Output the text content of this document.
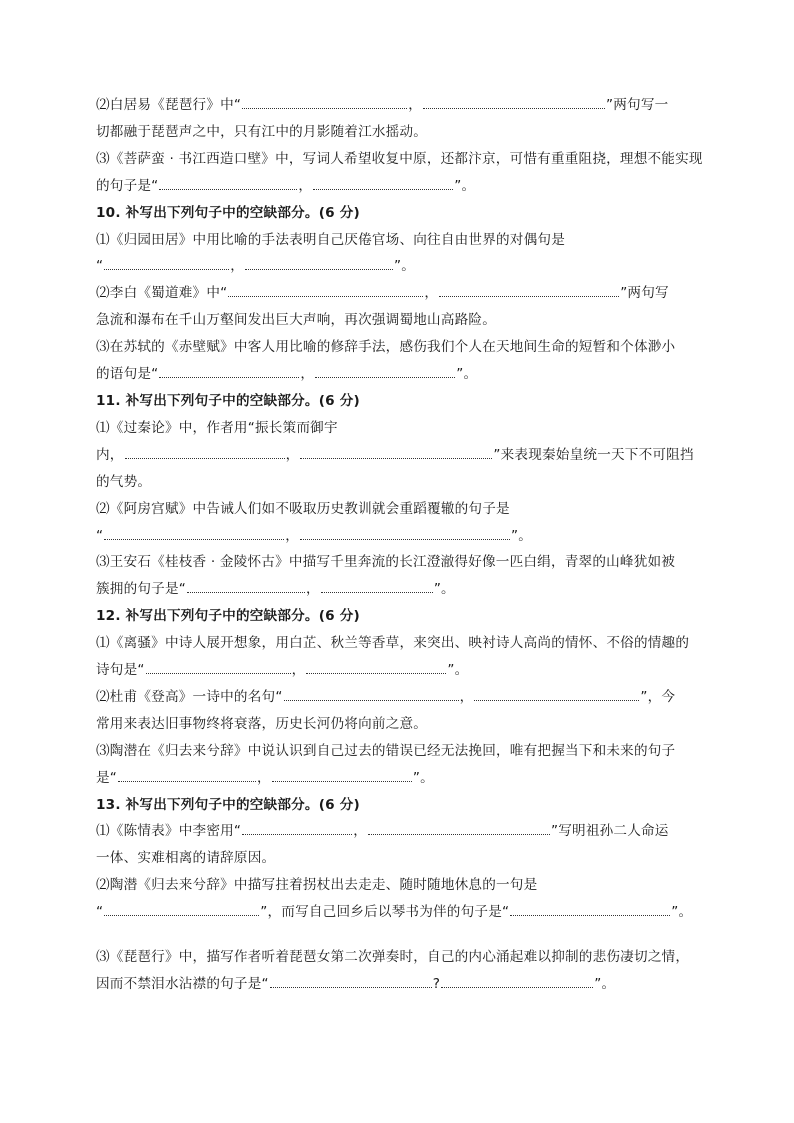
⑵白居易《琵琶行》中“	，	”两句写一
切都融于琵琶声之中，只有江中的月影随着江水摇动。
⑶《菩萨蛮 · 书江西造口壁》中，写词人希望收复中原，还都汴京，可惜有重重阻挠，理想不能实现
的句子是“	，	”。
10. 补写出下列句子中的空缺部分。(6 分)
⑴《归园田居》中用比喻的手法表明自己厌倦官场、向往自由世界的对偶句是
“	，	”。
⑵李白《蜀道难》中“	，	”两句写
急流和瀑布在千山万壑间发出巨大声响，再次强调蜀地山高路险。
⑶在苏轼的《赤壁赋》中客人用比喻的修辞手法，感伤我们个人在天地间生命的短暂和个体渺小
的语句是“	，	”。
11. 补写出下列句子中的空缺部分。(6 分)
⑴《过秦论》中，作者用“振长策而御宇
内，	，	”来表现秦始皇统一天下不可阻挡
的气势。
⑵《阿房宫赋》中告诫人们如不吸取历史教训就会重蹈覆辙的句子是
“	，	”。
⑶王安石《桂枝香 · 金陵怀古》中描写千里奔流的长江澄澈得好像一匹白绢，青翠的山峰犹如被
簇拥的句子是“	，	”。
12. 补写出下列句子中的空缺部分。(6 分)
⑴《离骚》中诗人展开想象，用白芷、秋兰等香草，来突出、映衬诗人高尚的情怀、不俗的情趣的
诗句是“	，	”。
⑵杜甫《登高》一诗中的名句“	，	”，今
常用来表达旧事物终将衰落，历史长河仍将向前之意。
⑶陶潜在《归去来兮辞》中说认识到自己过去的错误已经无法挽回，唯有把握当下和未来的句子
是“	，	”。
13. 补写出下列句子中的空缺部分。(6 分)
⑴《陈情表》中李密用“	，	”写明祖孙二人命运
一体、实难相离的请辞原因。
⑵陶潜《归去来兮辞》中描写拄着拐杖出去走走、随时随地休息的一句是
“	”，而写自己回乡后以琴书为伴的句子是“	”。
⑶《琵琶行》中，描写作者听着琵琶女第二次弹奏时，自己的内心涌起难以抑制的悲伤凄切之情，
因而不禁泪水沾襟的句子是“	?	”。
